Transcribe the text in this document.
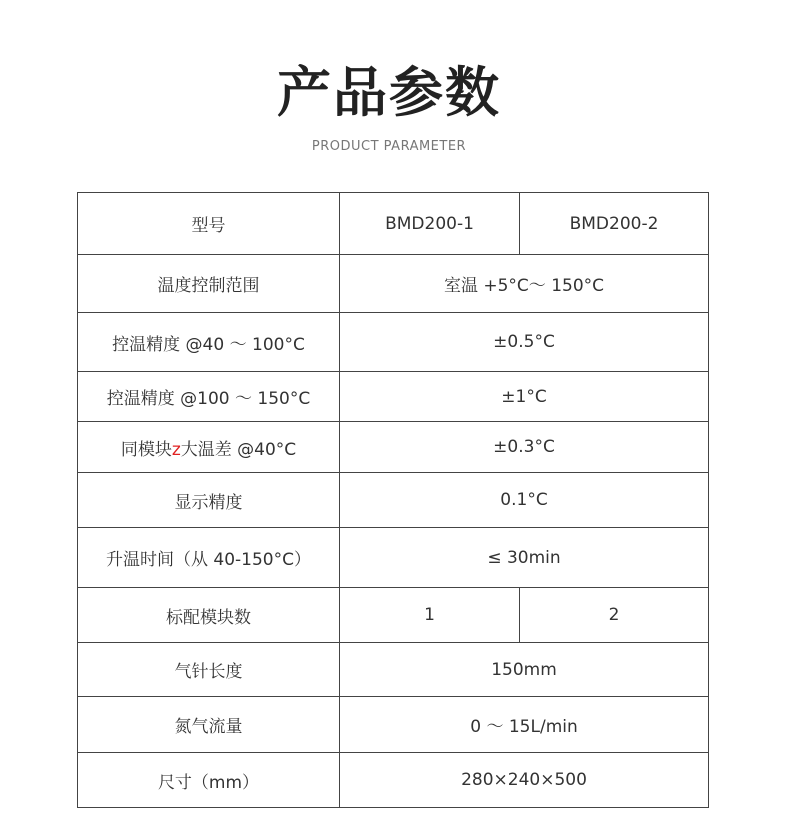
产品参数
PRODUCT PARAMETER
型号	BMD200-1	BMD200-2
温度控制范围	室温 +5°C～ 150°C	
控温精度 @40 ～ 100°C	±0.5°C	
控温精度 @100 ～ 150°C	±1°C	
同模块z大温差 @40°C	±0.3°C	
显示精度	0.1°C	
升温时间（从 40-150°C）	≤ 30min	
标配模块数	1	2
气针长度	150mm	
氮气流量	0 ～ 15L/min	
尺寸（mm）	280×240×500	
